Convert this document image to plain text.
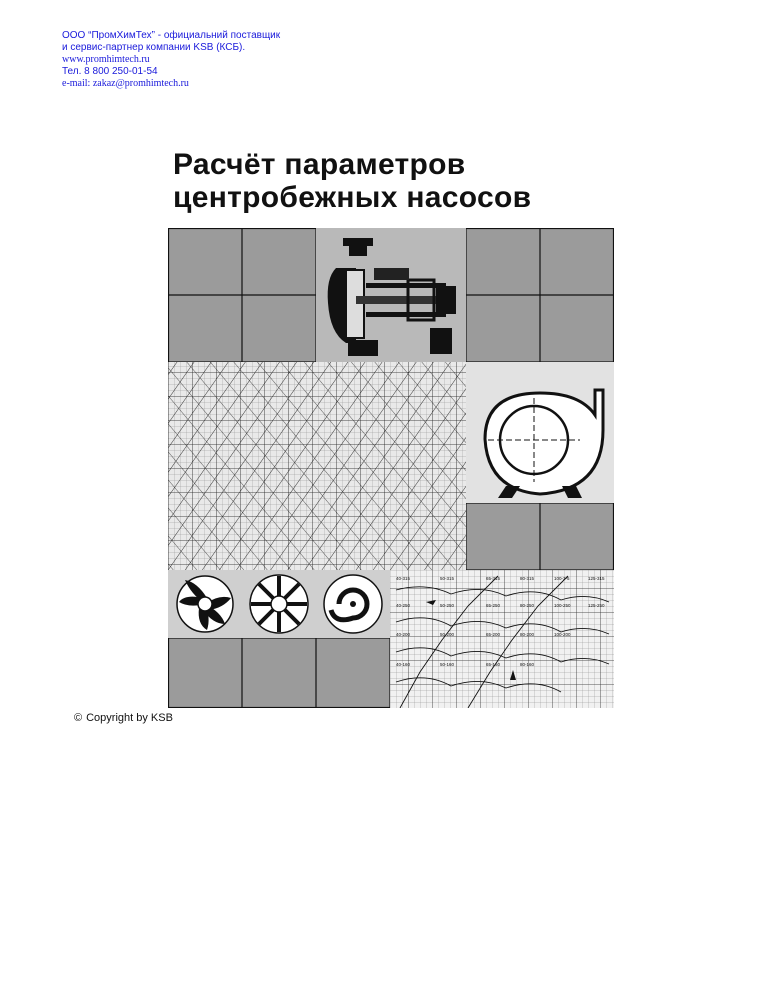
ООО “ПромХимТех” - официальний поставщик
и сервис-партнер компании KSB (КСБ).
www.promhimtech.ru
Тел. 8 800 250-01-54
e-mail: zakaz@promhimtech.ru
Расчёт параметров
центробежных насосов
40-315	50-315	65-315	80-315	100-3-5	125-315
40-250	50-250	65-250	80-250	100-250	125-250
40-200	50-200	65-200	80-200	100-200
40-160	50-160	65-160	80-160
© Copyright by KSB
